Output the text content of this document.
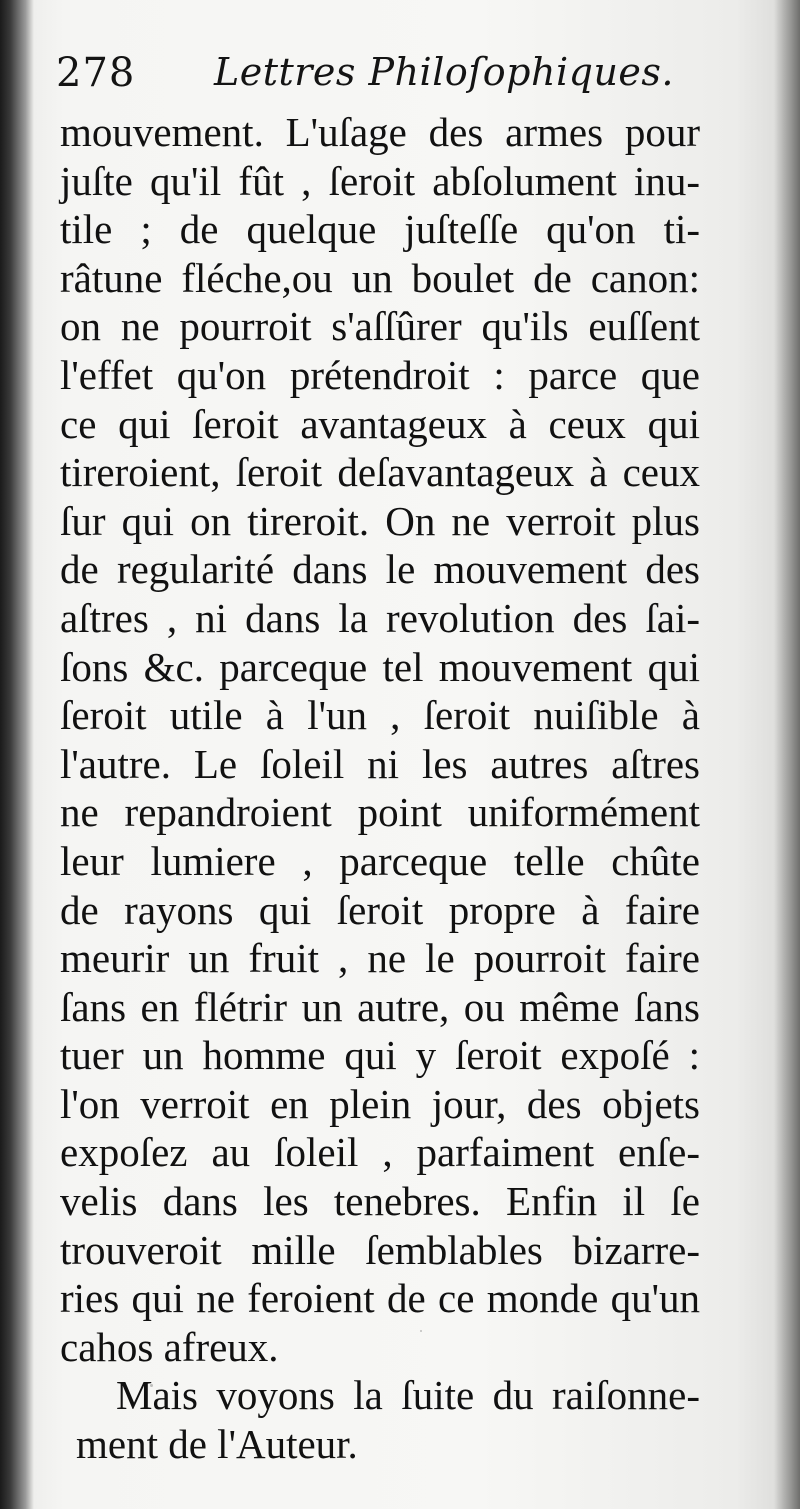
278 Lettres Philoſophiques.
mouvement. L'uſage des armes pour
juſte qu'il fût , ſeroit abſolument inu-
tile ; de quelque juſteſſe qu'on ti-
râtune fléche,ou un boulet de canon:
on ne pourroit s'aſſûrer qu'ils euſſent
l'effet qu'on prétendroit : parce que
ce qui ſeroit avantageux à ceux qui
tireroient, ſeroit deſavantageux à ceux
ſur qui on tireroit. On ne verroit plus
de regularité dans le mouvement des
aſtres , ni dans la revolution des ſai-
ſons &c. parceque tel mouvement qui
ſeroit utile à l'un , ſeroit nuiſible à
l'autre. Le ſoleil ni les autres aſtres
ne repandroient point uniformément
leur lumiere , parceque telle chûte
de rayons qui ſeroit propre à faire
meurir un fruit , ne le pourroit faire
ſans en flétrir un autre, ou même ſans
tuer un homme qui y ſeroit expoſé :
l'on verroit en plein jour, des objets
expoſez au ſoleil , parfaiment enſe-
velis dans les tenebres. Enfin il ſe
trouveroit mille ſemblables bizarre-
ries qui ne feroient de ce monde qu'un
cahos afreux.
Mais voyons la ſuite du raiſonne-
ment de l'Auteur.
